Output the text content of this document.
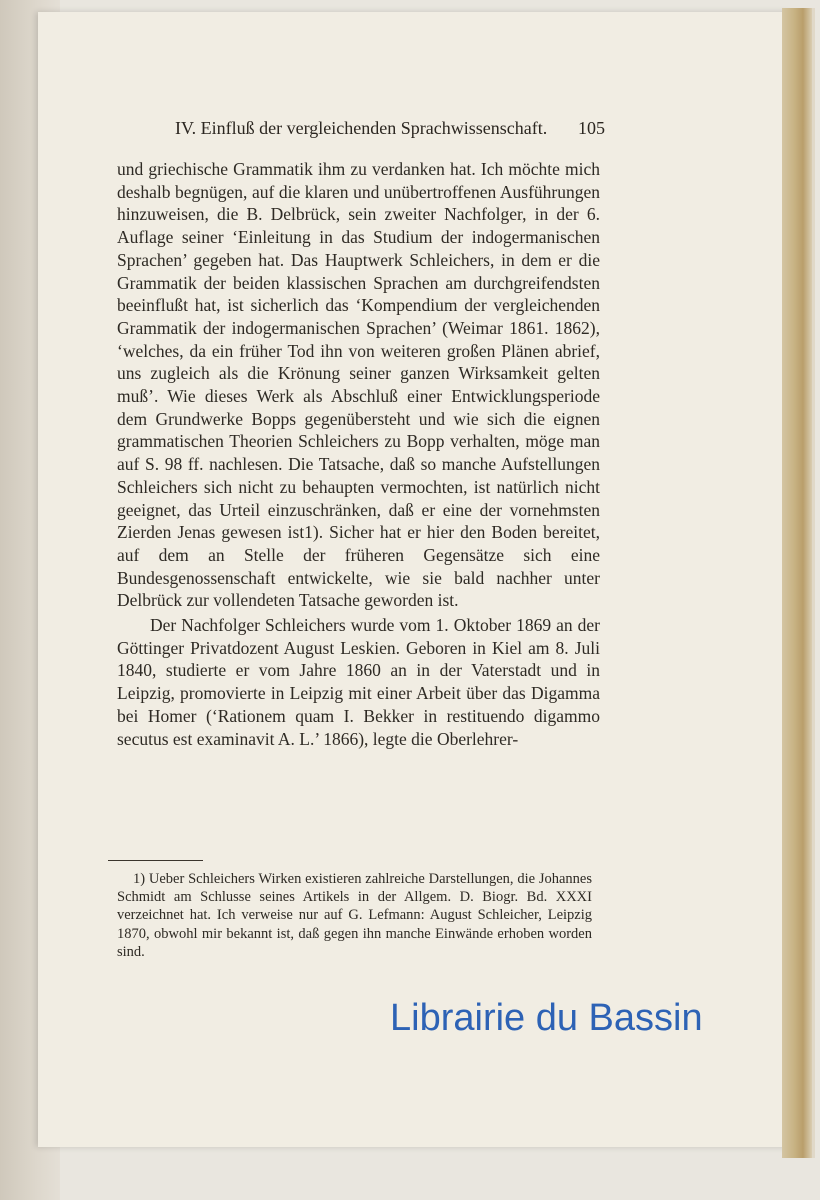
IV. Einfluß der vergleichenden Sprachwissenschaft. 105

und griechische Grammatik ihm zu verdanken hat. Ich möchte mich deshalb begnügen, auf die klaren und unübertroffenen Ausführungen hinzuweisen, die B. Delbrück, sein zweiter Nachfolger, in der 6. Auflage seiner ‘Einleitung in das Studium der indogermanischen Sprachen’ gegeben hat. Das Hauptwerk Schleichers, in dem er die Grammatik der beiden klassischen Sprachen am durchgreifendsten beeinflußt hat, ist sicherlich das ‘Kompendium der vergleichenden Grammatik der indogermanischen Sprachen’ (Weimar 1861. 1862), ‘welches, da ein früher Tod ihn von weiteren großen Plänen abrief, uns zugleich als die Krönung seiner ganzen Wirksamkeit gelten muß’. Wie dieses Werk als Abschluß einer Entwicklungsperiode dem Grundwerke Bopps gegenübersteht und wie sich die eignen grammatischen Theorien Schleichers zu Bopp verhalten, möge man auf S. 98 ff. nachlesen. Die Tatsache, daß so manche Aufstellungen Schleichers sich nicht zu behaupten vermochten, ist natürlich nicht geeignet, das Urteil einzuschränken, daß er eine der vornehmsten Zierden Jenas gewesen ist1). Sicher hat er hier den Boden bereitet, auf dem an Stelle der früheren Gegensätze sich eine Bundesgenossenschaft entwickelte, wie sie bald nachher unter Delbrück zur vollendeten Tatsache geworden ist.

Der Nachfolger Schleichers wurde vom 1. Oktober 1869 an der Göttinger Privatdozent August Leskien. Geboren in Kiel am 8. Juli 1840, studierte er vom Jahre 1860 an in der Vaterstadt und in Leipzig, promovierte in Leipzig mit einer Arbeit über das Digamma bei Homer (‘Rationem quam I. Bekker in restituendo digammo secutus est examinavit A. L.’ 1866), legte die Oberlehrer-

1) Ueber Schleichers Wirken existieren zahlreiche Darstellungen, die Johannes Schmidt am Schlusse seines Artikels in der Allgem. D. Biogr. Bd. XXXI verzeichnet hat. Ich verweise nur auf G. Lefmann: August Schleicher, Leipzig 1870, obwohl mir bekannt ist, daß gegen ihn manche Einwände erhoben worden sind.
Librairie du Bassin
